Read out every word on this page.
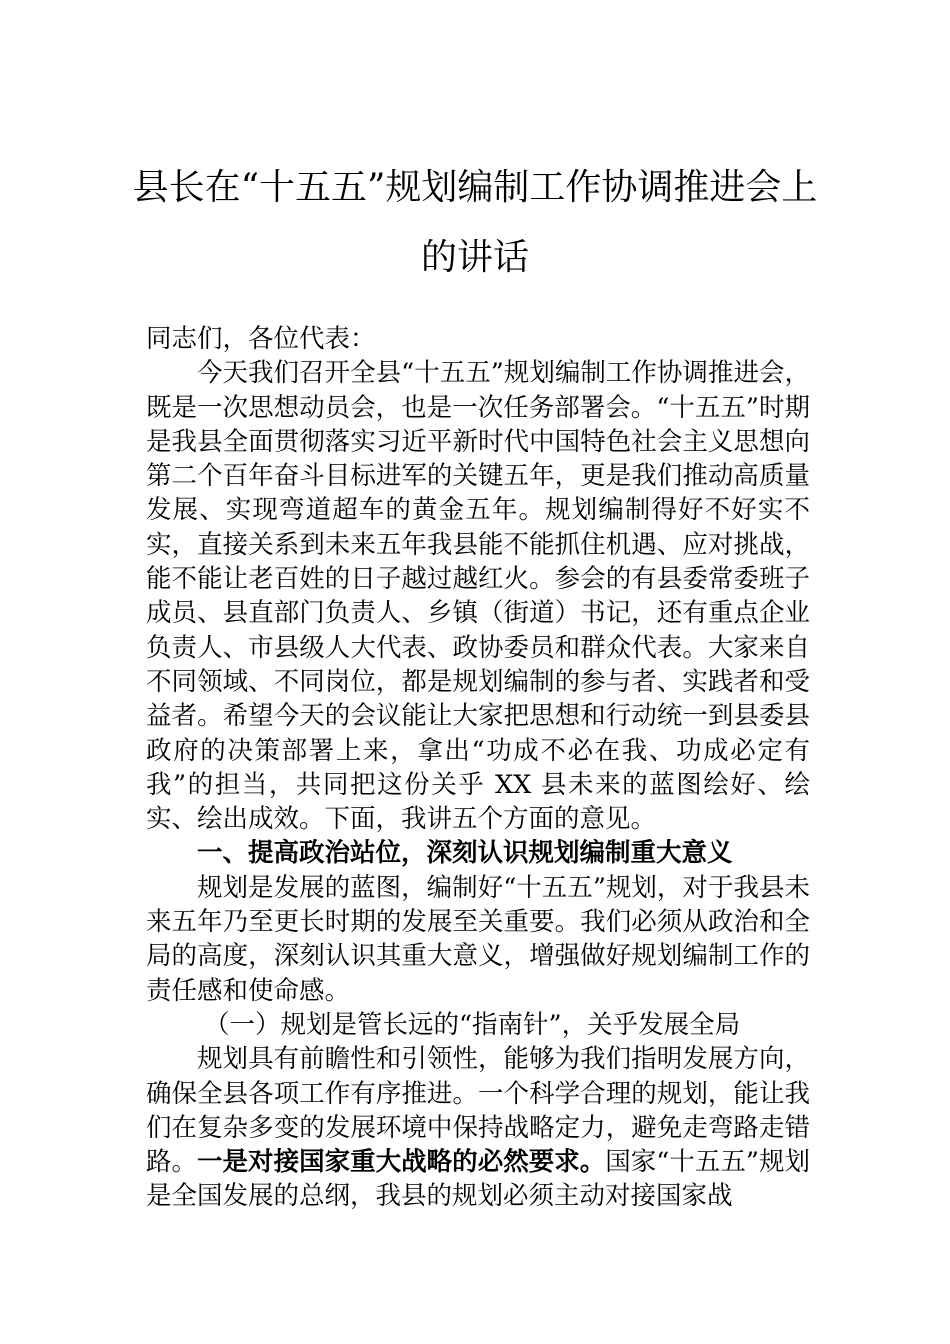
县长在“十五五”规划编制工作协调推进会上
的讲话

同志们，各位代表：

今天我们召开全县“十五五”规划编制工作协调推进会，既是一次思想动员会，也是一次任务部署会。“十五五”时期是我县全面贯彻落实习近平新时代中国特色社会主义思想向第二个百年奋斗目标进军的关键五年，更是我们推动高质量发展、实现弯道超车的黄金五年。规划编制得好不好实不实，直接关系到未来五年我县能不能抓住机遇、应对挑战，能不能让老百姓的日子越过越红火。参会的有县委常委班子成员、县直部门负责人、乡镇（街道）书记，还有重点企业负责人、市县级人大代表、政协委员和群众代表。大家来自不同领域、不同岗位，都是规划编制的参与者、实践者和受益者。希望今天的会议能让大家把思想和行动统一到县委县政府的决策部署上来，拿出“功成不必在我、功成必定有我”的担当，共同把这份关乎 XX 县未来的蓝图绘好、绘实、绘出成效。下面，我讲五个方面的意见。

一、提高政治站位，深刻认识规划编制重大意义

规划是发展的蓝图，编制好“十五五”规划，对于我县未来五年乃至更长时期的发展至关重要。我们必须从政治和全局的高度，深刻认识其重大意义，增强做好规划编制工作的责任感和使命感。

（一）规划是管长远的“指南针”，关乎发展全局

规划具有前瞻性和引领性，能够为我们指明发展方向，确保全县各项工作有序推进。一个科学合理的规划，能让我们在复杂多变的发展环境中保持战略定力，避免走弯路走错路。一是对接国家重大战略的必然要求。国家“十五五”规划是全国发展的总纲，我县的规划必须主动对接国家战
